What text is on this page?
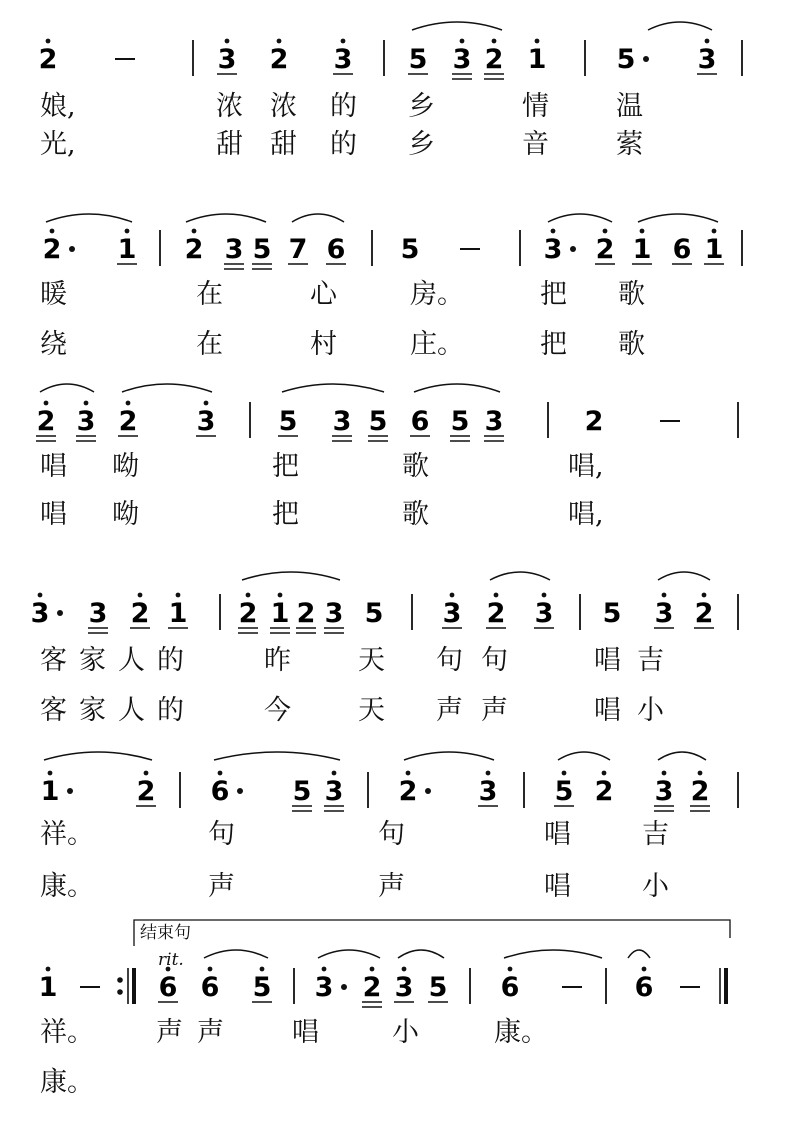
2	3 2 3 5 3 2 1	5 3
2 1 2 3 5 7 6 5	3 2 1 6 1
2 3 2 3 5 3 5 6 5 3	2
3 3 2 1 2 1 2 3 5 3 2 3 5 3 2
1	2 6 5 3 2 3 5 2 3 2
1	6 6 5 3 2 3 5 6	6
娘,	浓 浓 的 乡	情 温
光,	甜 甜 的 乡	音 萦
暖	在	心	房。	把 歌
绕	在	村	庄。	把 歌
唱 呦	把	歌	唱,
唱 呦	把	歌	唱,
客家人的	昨 天 句句	唱吉
客家人的	今 天 声声	唱小
祥。	句	句	唱	吉
康。	声	声	唱	小
结束句
rit.
祥。 声声 唱	小	康。
康。
